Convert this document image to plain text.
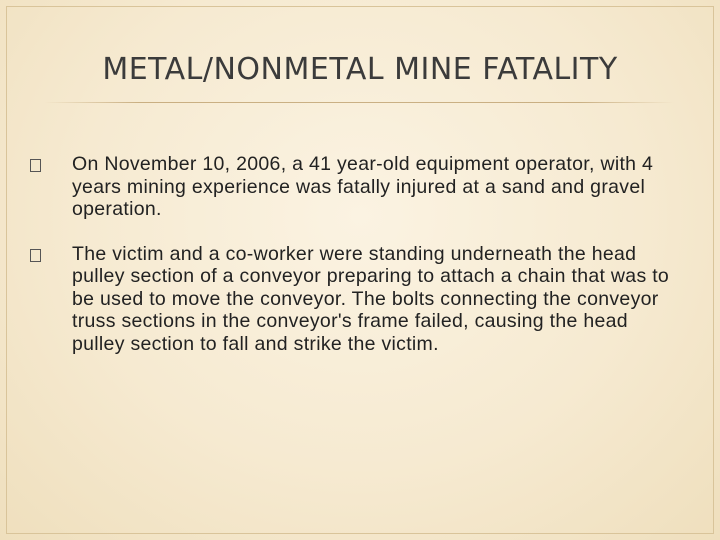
METAL/NONMETAL MINE FATALITY
On November 10, 2006, a 41 year-old equipment operator, with 4 years mining experience was fatally injured at a sand and gravel operation.
The victim and a co-worker were standing underneath the head pulley section of a conveyor preparing to attach a chain that was to be used to move the conveyor. The bolts connecting the conveyor truss sections in the conveyor's frame failed, causing the head pulley section to fall and strike the victim.
